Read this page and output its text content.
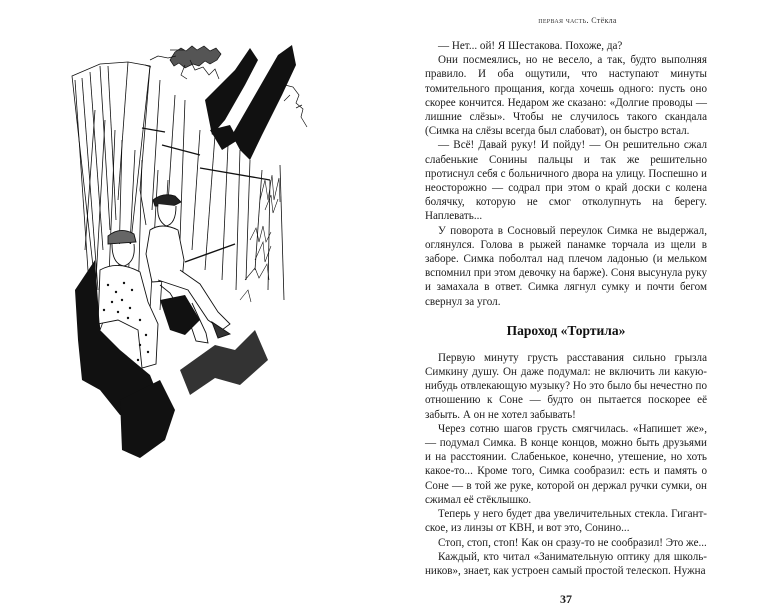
первая часть. Стёкла

— Нет... ой! Я Шестакова. Похоже, да?

Они посмеялись, но не весело, а так, будто выполняя правило. И оба ощутили, что наступают минуты томительного прощания, когда хочешь одного: пусть оно скорее кончится. Недаром же сказано: «Долгие проводы — лишние слёзы». Чтобы не случилось такого скандала (Симка на слёзы всегда был слабоват), он быстро встал.

— Всё! Давай руку! И пойду! — Он решительно сжал слабенькие Сонины пальцы и так же решительно протиснул себя с больничного двора на улицу. Поспешно и неосторожно — содрал при этом о край доски с колена болячку, которую не смог отколупнуть на берегу. Наплевать...

У поворота в Сосновый переулок Симка не выдержал, оглянулся. Голова в рыжей панамке торчала из щели в заборе. Симка поболтал над плечом ладонью (и мельком вспомнил при этом девочку на барже). Соня высунула руку и замахала в ответ. Симка лягнул сумку и почти бегом свернул за угол.

Пароход «Тортила»

Первую минуту грусть расставания сильно грызла Симкину душу. Он даже подумал: не включить ли какую-нибудь отвлекающую музыку? Но это было бы нечестно по отношению к Соне — будто он пытается поскорее её забыть. А он не хотел забывать!

Через сотню шагов грусть смягчилась. «Напишет же», — подумал Симка. В конце концов, можно быть друзьями и на расстоянии. Слабенькое, конечно, утешение, но хоть какое-то... Кроме того, Симка сообразил: есть и память о Соне — в той же руке, которой он держал ручки сумки, он сжимал её стёклышко.

Теперь у него будет два увеличительных стекла. Гигантское, из линзы от КВН, и вот это, Сонино...

Стоп, стоп, стоп! Как он сразу-то не сообразил! Это же...

Каждый, кто читал «Занимательную оптику для школьников», знает, как устроен самый простой телескоп. Нужна

37
